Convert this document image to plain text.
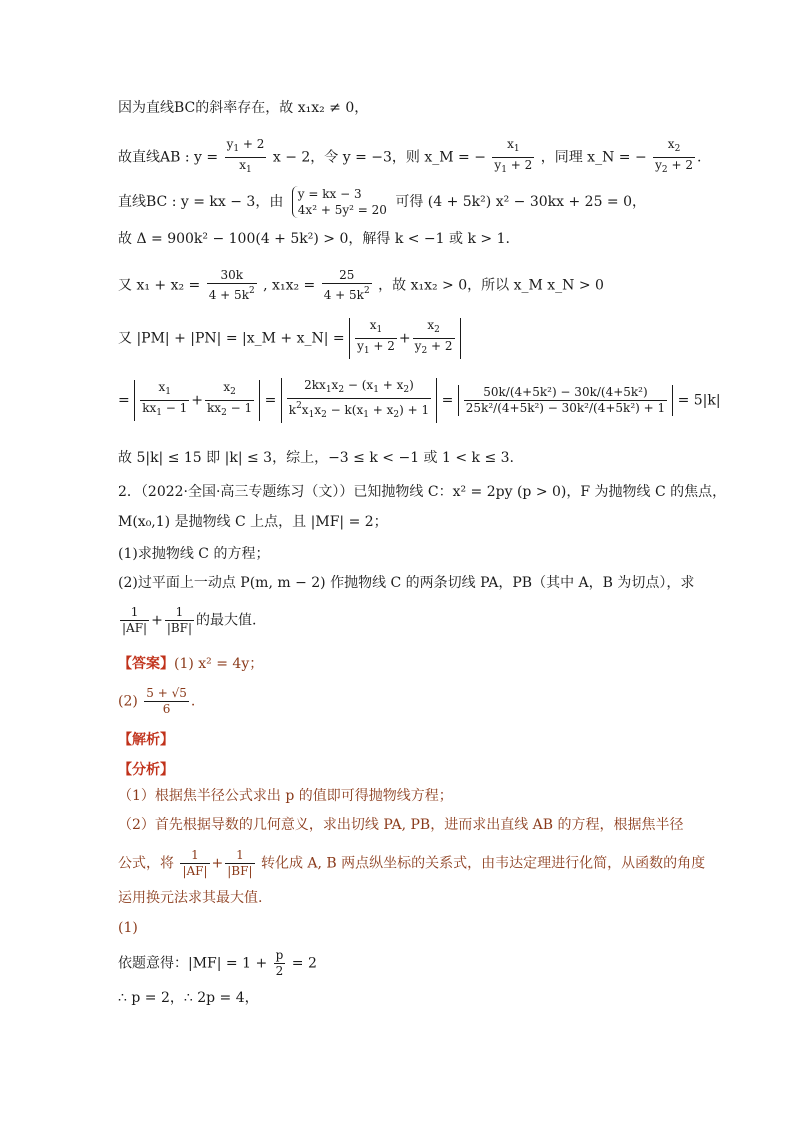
因为直线BC的斜率存在，故 x₁x₂ ≠ 0，
故直线AB : $y = \frac{y_1 + 2}{x_1}$ x − 2，令 y = −3，则 x_M = − $\frac{x_1}{y_1 + 2}$ ，同理 x_N = − $\frac{x_2}{y_2 + 2}$ .
直线BC : y = kx − 3，由 y = kx − 3
4x² + 5y² = 20 可得 (4 + 5k²) x² − 30kx + 25 = 0，
故 Δ = 900k² − 100(4 + 5k²) > 0，解得 k < −1 或 k > 1.
又 $x_1 + x_2 = \frac{30k}{4 + 5k^2}$ , $x_1x_2 = \frac{25}{4 + 5k^2}$ ，故 x₁x₂ > 0，所以 x_M x_N > 0
又 |PM| + |PN| = |x_M + x_N| = $\frac{x_1}{y_1 + 2} + \frac{x_2}{y_2 + 2}$
= $\frac{x_1}{kx_1 - 1} + \frac{x_2}{kx_2 - 1} = \frac{2kx_1x_2 - (x_1 + x_2)}{k^2x_1x_2 - k(x_1 + x_2) + 1} = \frac{\text{50k/(4+5k²) − 30k/(4+5k²)}}{\text{25k²/(4+5k²) − 30k²/(4+5k²) + 1}} = 5|k|$
故 5|k| ≤ 15 即 |k| ≤ 3，综上，−3 ≤ k < −1 或 1 < k ≤ 3.
2．（2022·全国·高三专题练习（文））已知抛物线 C：x² = 2py (p > 0)，F 为抛物线 C 的焦点，
M(x₀,1) 是抛物线 C 上点，且 |MF| = 2；
(1)求抛物线 C 的方程；
(2)过平面上一动点 P(m, m − 2) 作抛物线 C 的两条切线 PA，PB（其中 A，B 为切点），求
$\frac{1}{|AF|} + \frac{1}{|BF|}$ 的最大值.
【答案】(1) x² = 4y；
$(2) \frac{5 + √5}{6}$ .
【解析】
【分析】
（1）根据焦半径公式求出 p 的值即可得抛物线方程；
（2）首先根据导数的几何意义，求出切线 PA, PB，进而求出直线 AB 的方程，根据焦半径
公式，将 $\frac{1}{|AF|} + \frac{1}{|BF|}$ 转化成 A, B 两点纵坐标的关系式，由韦达定理进行化简，从函数的角度
运用换元法求其最大值.
(1)
依题意得：$|MF| = 1 + \frac{p}{2} = 2$
∴ p = 2，∴ 2p = 4，
